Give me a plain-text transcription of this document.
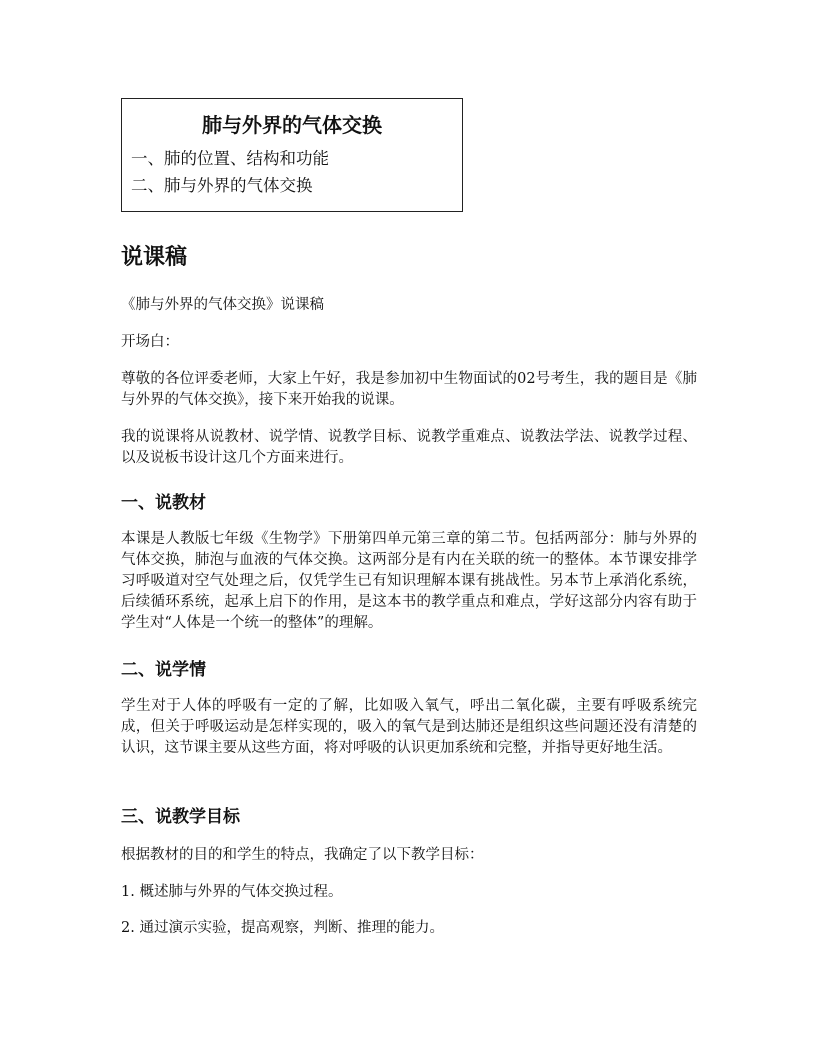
肺与外界的气体交换
一、肺的位置、结构和功能
二、肺与外界的气体交换
说课稿
《肺与外界的气体交换》说课稿
开场白：
尊敬的各位评委老师，大家上午好，我是参加初中生物面试的02号考生，我的题目是《肺与外界的气体交换》，接下来开始我的说课。
我的说课将从说教材、说学情、说教学目标、说教学重难点、说教法学法、说教学过程、以及说板书设计这几个方面来进行。
一、说教材
本课是人教版七年级《生物学》下册第四单元第三章的第二节。包括两部分：肺与外界的气体交换，肺泡与血液的气体交换。这两部分是有内在关联的统一的整体。本节课安排学习呼吸道对空气处理之后，仅凭学生已有知识理解本课有挑战性。另本节上承消化系统，后续循环系统，起承上启下的作用，是这本书的教学重点和难点，学好这部分内容有助于学生对“人体是一个统一的整体”的理解。
二、说学情
学生对于人体的呼吸有一定的了解，比如吸入氧气，呼出二氧化碳，主要有呼吸系统完成，但关于呼吸运动是怎样实现的，吸入的氧气是到达肺还是组织这些问题还没有清楚的认识，这节课主要从这些方面，将对呼吸的认识更加系统和完整，并指导更好地生活。
三、说教学目标
根据教材的目的和学生的特点，我确定了以下教学目标：
1. 概述肺与外界的气体交换过程。
2. 通过演示实验，提高观察，判断、推理的能力。
